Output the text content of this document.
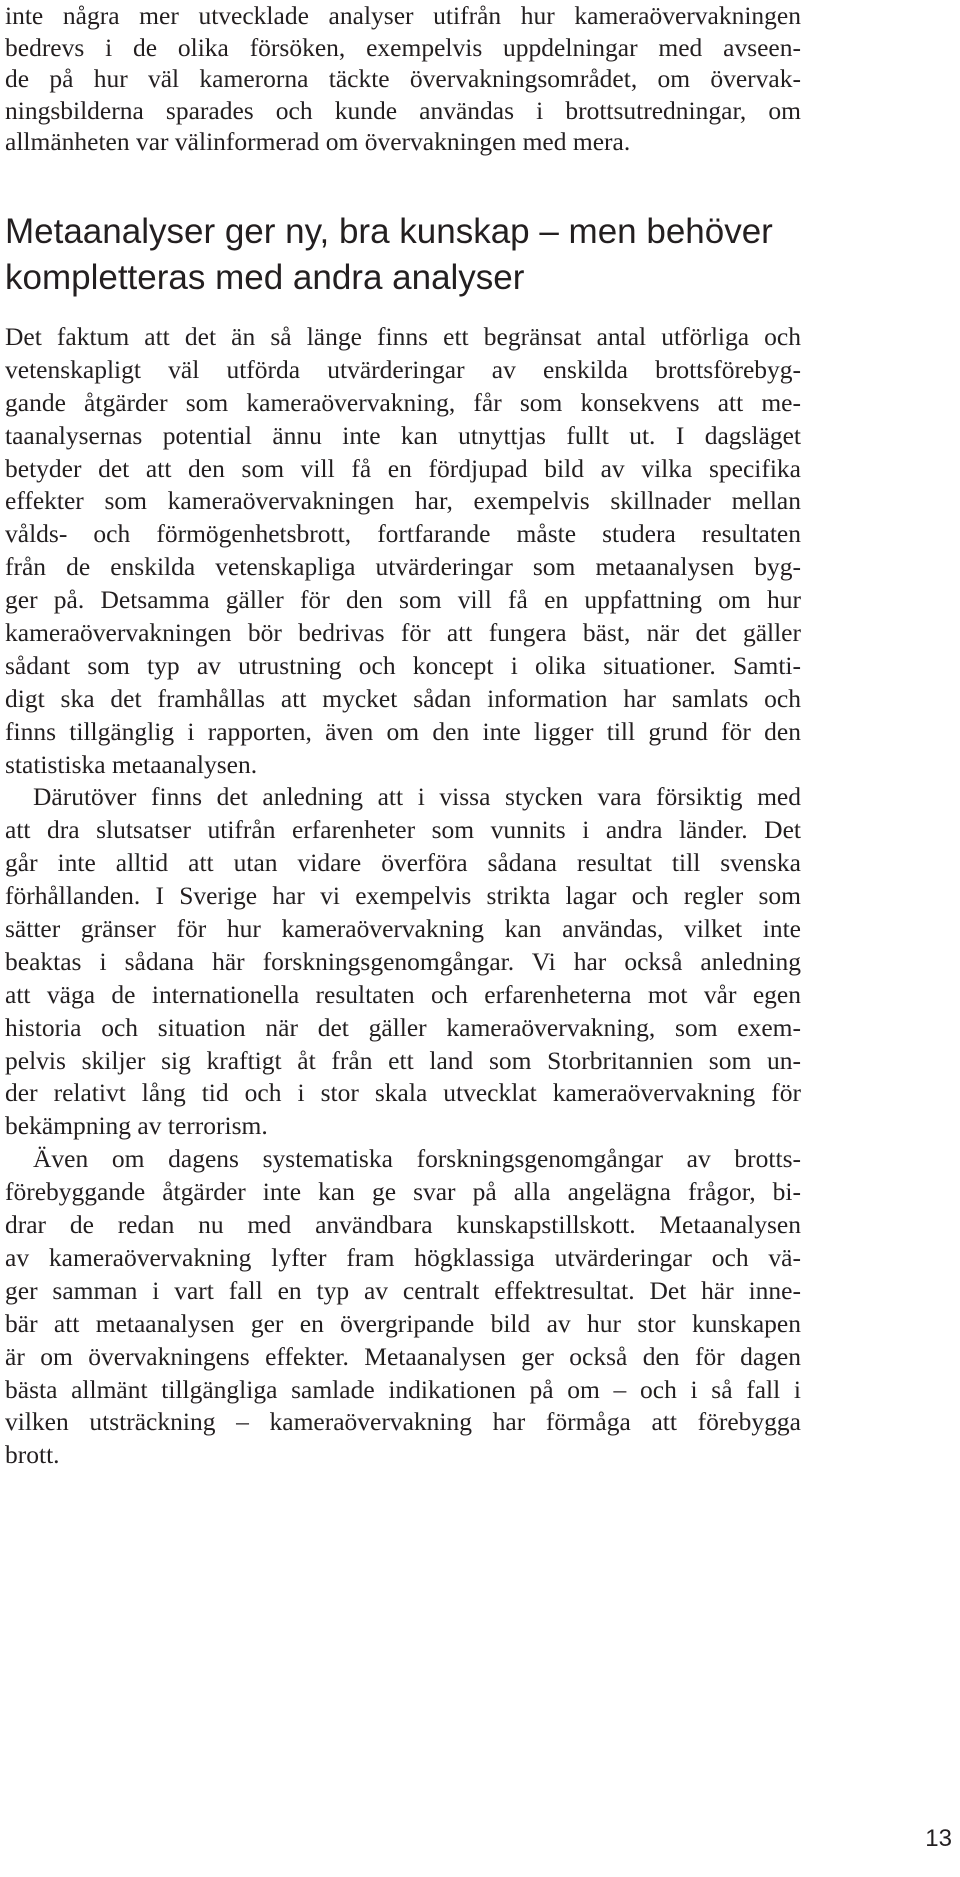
inte några mer utvecklade analyser utifrån hur kameraövervakningen
bedrevs i de olika försöken, exempelvis uppdelningar med avseen-
de på hur väl kamerorna täckte övervakningsområdet, om övervak-
ningsbilderna sparades och kunde användas i brottsutredningar, om
allmänheten var välinformerad om övervakningen med mera.
Metaanalyser ger ny, bra kunskap – men behöver
kompletteras med andra analyser
Det faktum att det än så länge finns ett begränsat antal utförliga och
vetenskapligt väl utförda utvärderingar av enskilda brottsförebyg-
gande åtgärder som kameraövervakning, får som konsekvens att me-
taanalysernas potential ännu inte kan utnyttjas fullt ut. I dagsläget
betyder det att den som vill få en fördjupad bild av vilka specifika
effekter som kameraövervakningen har, exempelvis skillnader mellan
vålds- och förmögenhetsbrott, fortfarande måste studera resultaten
från de enskilda vetenskapliga utvärderingar som metaanalysen byg-
ger på. Detsamma gäller för den som vill få en uppfattning om hur
kameraövervakningen bör bedrivas för att fungera bäst, när det gäller
sådant som typ av utrustning och koncept i olika situationer. Samti-
digt ska det framhållas att mycket sådan information har samlats och
finns tillgänglig i rapporten, även om den inte ligger till grund för den
statistiska metaanalysen.
Därutöver finns det anledning att i vissa stycken vara försiktig med
att dra slutsatser utifrån erfarenheter som vunnits i andra länder. Det
går inte alltid att utan vidare överföra sådana resultat till svenska
förhållanden. I Sverige har vi exempelvis strikta lagar och regler som
sätter gränser för hur kameraövervakning kan användas, vilket inte
beaktas i sådana här forskningsgenomgångar. Vi har också anledning
att väga de internationella resultaten och erfarenheterna mot vår egen
historia och situation när det gäller kameraövervakning, som exem-
pelvis skiljer sig kraftigt åt från ett land som Storbritannien som un-
der relativt lång tid och i stor skala utvecklat kameraövervakning för
bekämpning av terrorism.
Även om dagens systematiska forskningsgenomgångar av brotts-
förebyggande åtgärder inte kan ge svar på alla angelägna frågor, bi-
drar de redan nu med användbara kunskapstillskott. Metaanalysen
av kameraövervakning lyfter fram högklassiga utvärderingar och vä-
ger samman i vart fall en typ av centralt effektresultat. Det här inne-
bär att metaanalysen ger en övergripande bild av hur stor kunskapen
är om övervakningens effekter. Metaanalysen ger också den för dagen
bästa allmänt tillgängliga samlade indikationen på om – och i så fall i
vilken utsträckning – kameraövervakning har förmåga att förebygga
brott.
13
